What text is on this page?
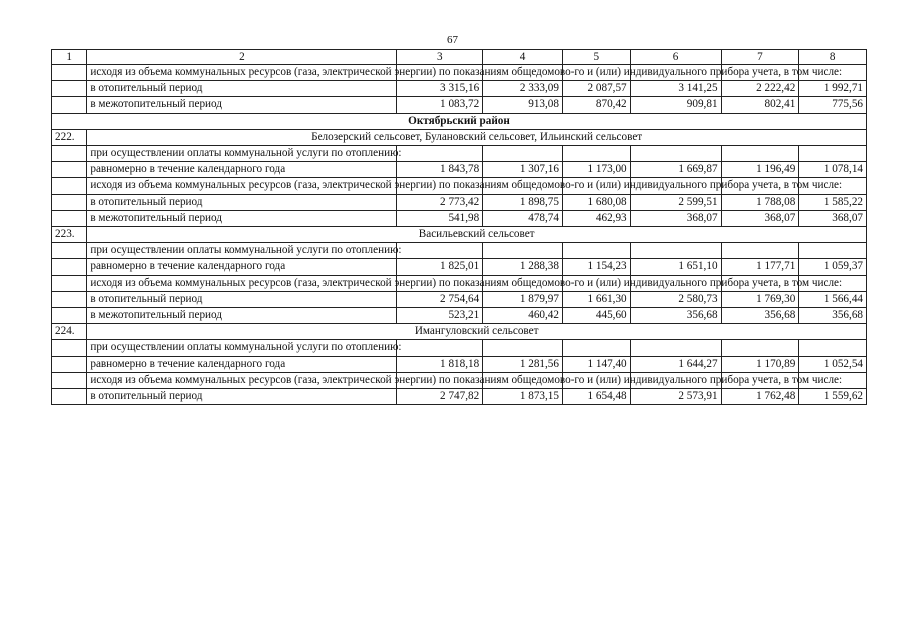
67
1	2	3	4	5	6	7	8
	исходя из объема коммунальных ресурсов (газа, электрической энергии) по показаниям общедомово-го и (или) индивидуального прибора учета, в том числе:						
	в отопительный период	3 315,16	2 333,09	2 087,57	3 141,25	2 222,42	1 992,71
	в межотопительный период	1 083,72	913,08	870,42	909,81	802,41	775,56
Октябрьский район							
222.	Белозерский сельсовет, Булановский сельсовет, Ильинский сельсовет						
	при осуществлении оплаты коммунальной услуги по отоплению:						
	равномерно в течение календарного года	1 843,78	1 307,16	1 173,00	1 669,87	1 196,49	1 078,14
	исходя из объема коммунальных ресурсов (газа, электрической энергии) по показаниям общедомово-го и (или) индивидуального прибора учета, в том числе:						
	в отопительный период	2 773,42	1 898,75	1 680,08	2 599,51	1 788,08	1 585,22
	в межотопительный период	541,98	478,74	462,93	368,07	368,07	368,07
223.	Васильевский сельсовет						
	при осуществлении оплаты коммунальной услуги по отоплению:						
	равномерно в течение календарного года	1 825,01	1 288,38	1 154,23	1 651,10	1 177,71	1 059,37
	исходя из объема коммунальных ресурсов (газа, электрической энергии) по показаниям общедомово-го и (или) индивидуального прибора учета, в том числе:						
	в отопительный период	2 754,64	1 879,97	1 661,30	2 580,73	1 769,30	1 566,44
	в межотопительный период	523,21	460,42	445,60	356,68	356,68	356,68
224.	Имангуловский сельсовет						
	при осуществлении оплаты коммунальной услуги по отоплению:						
	равномерно в течение календарного года	1 818,18	1 281,56	1 147,40	1 644,27	1 170,89	1 052,54
	исходя из объема коммунальных ресурсов (газа, электрической энергии) по показаниям общедомово-го и (или) индивидуального прибора учета, в том числе:						
	в отопительный период	2 747,82	1 873,15	1 654,48	2 573,91	1 762,48	1 559,62
